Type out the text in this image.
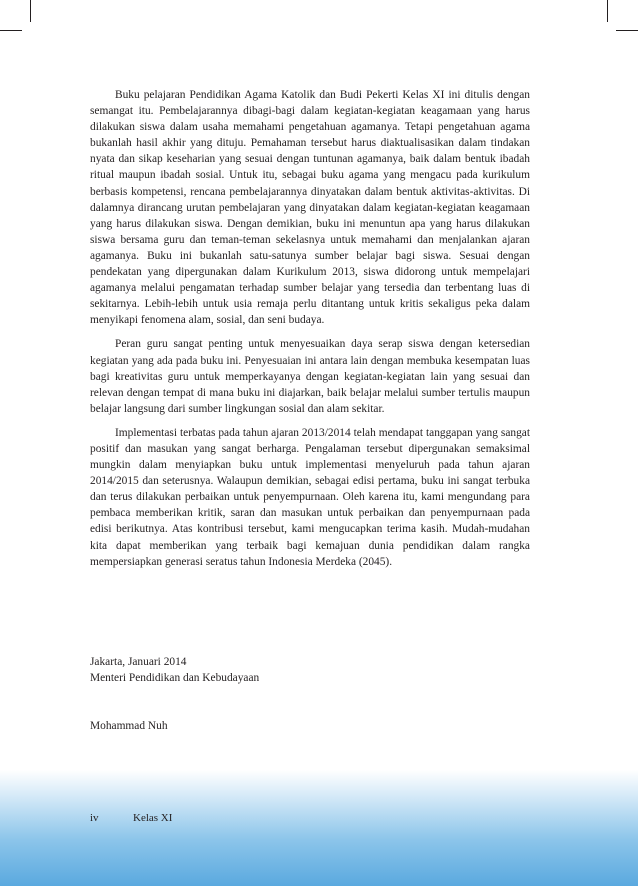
Buku pelajaran Pendidikan Agama Katolik dan Budi Pekerti Kelas XI ini ditulis dengan semangat itu. Pembelajarannya dibagi-bagi dalam kegiatan-kegiatan keagamaan yang harus dilakukan siswa dalam usaha memahami pengetahuan agamanya. Tetapi pengetahuan agama bukanlah hasil akhir yang dituju. Pemahaman tersebut harus diaktualisasikan dalam tindakan nyata dan sikap keseharian yang sesuai dengan tuntunan agamanya, baik dalam bentuk ibadah ritual maupun ibadah sosial. Untuk itu, sebagai buku agama yang mengacu pada kurikulum berbasis kompetensi, rencana pembelajarannya dinyatakan dalam bentuk aktivitas-aktivitas. Di dalamnya dirancang urutan pembelajaran yang dinyatakan dalam kegiatan-kegiatan keagamaan yang harus dilakukan siswa. Dengan demikian, buku ini menuntun apa yang harus dilakukan siswa bersama guru dan teman-teman sekelasnya untuk memahami dan menjalankan ajaran agamanya. Buku ini bukanlah satu-satunya sumber belajar bagi siswa. Sesuai dengan pendekatan yang dipergunakan dalam Kurikulum 2013, siswa didorong untuk mempelajari agamanya melalui pengamatan terhadap sumber belajar yang tersedia dan terbentang luas di sekitarnya. Lebih-lebih untuk usia remaja perlu ditantang untuk kritis sekaligus peka dalam menyikapi fenomena alam, sosial, dan seni budaya.

Peran guru sangat penting untuk menyesuaikan daya serap siswa dengan ketersedian kegiatan yang ada pada buku ini. Penyesuaian ini antara lain dengan membuka kesempatan luas bagi kreativitas guru untuk memperkayanya dengan kegiatan-kegiatan lain yang sesuai dan relevan dengan tempat di mana buku ini diajarkan, baik belajar melalui sumber tertulis maupun belajar langsung dari sumber lingkungan sosial dan alam sekitar.

Implementasi terbatas pada tahun ajaran 2013/2014 telah mendapat tanggapan yang sangat positif dan masukan yang sangat berharga. Pengalaman tersebut dipergunakan semaksimal mungkin dalam menyiapkan buku untuk implementasi menyeluruh pada tahun ajaran 2014/2015 dan seterusnya. Walaupun demikian, sebagai edisi pertama, buku ini sangat terbuka dan terus dilakukan perbaikan untuk penyempurnaan. Oleh karena itu, kami mengundang para pembaca memberikan kritik, saran dan masukan untuk perbaikan dan penyempurnaan pada edisi berikutnya. Atas kontribusi tersebut, kami mengucapkan terima kasih. Mudah-mudahan kita dapat memberikan yang terbaik bagi kemajuan dunia pendidikan dalam rangka mempersiapkan generasi seratus tahun Indonesia Merdeka (2045).

Jakarta, Januari 2014
Menteri Pendidikan dan Kebudayaan
Mohammad Nuh
iv	Kelas XI
